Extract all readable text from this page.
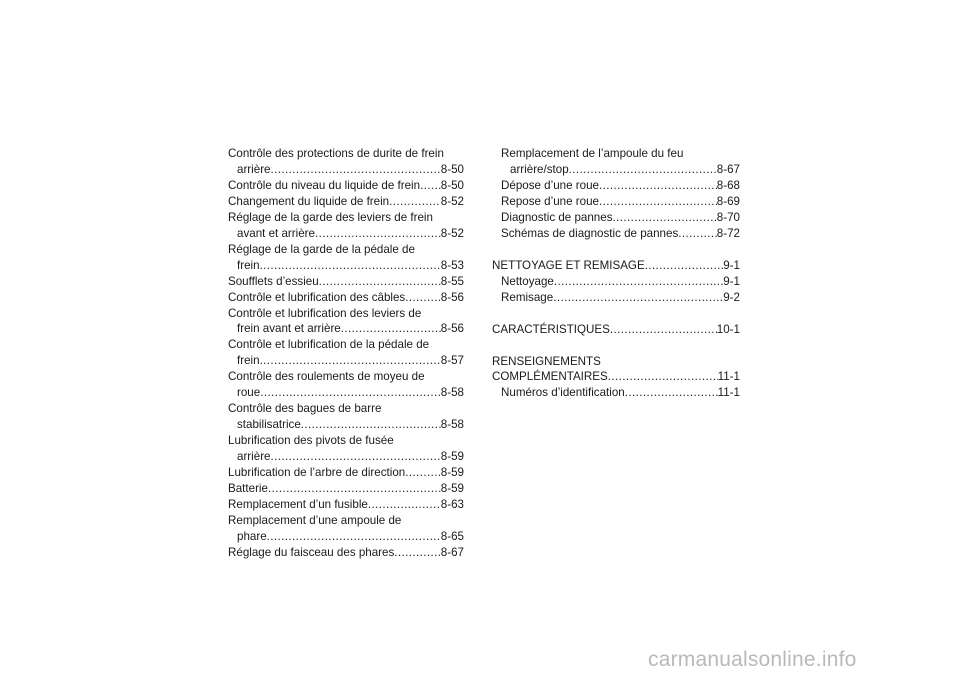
Contrôle des protections de durite de frein
arrière .....	8-50
Contrôle du niveau du liquide de frein ..... 8-50
Changement du liquide de frein .....	8-52
Réglage de la garde des leviers de frein
avant et arrière .....	8-52
Réglage de la garde de la pédale de
frein .....	8-53
Soufflets d’essieu .....	8-55
Contrôle et lubrification des câbles .....	8-56
Contrôle et lubrification des leviers de
frein avant et arrière .....	8-56
Contrôle et lubrification de la pédale de
frein .....	8-57
Contrôle des roulements de moyeu de
roue .....	8-58
Contrôle des bagues de barre
stabilisatrice .....	8-58
Lubrification des pivots de fusée
arrière .....	8-59
Lubrification de l’arbre de direction .....	8-59
Batterie .....	8-59
Remplacement d’un fusible .....	8-63
Remplacement d’une ampoule de
phare .....	8-65
Réglage du faisceau des phares .....	8-67
Remplacement de l’ampoule du feu
arrière/stop .....	8-67
Dépose d’une roue .....	8-68
Repose d’une roue .....	8-69
Diagnostic de pannes .....	8-70
Schémas de diagnostic de pannes .....	8-72
NETTOYAGE ET REMISAGE .....	9-1
Nettoyage .....	9-1
Remisage .....	9-2
CARACTÉRISTIQUES .....	10-1
RENSEIGNEMENTS
COMPLÉMENTAIRES .....	11-1
Numéros d’identification .....	11-1
carmanualsonline.info
